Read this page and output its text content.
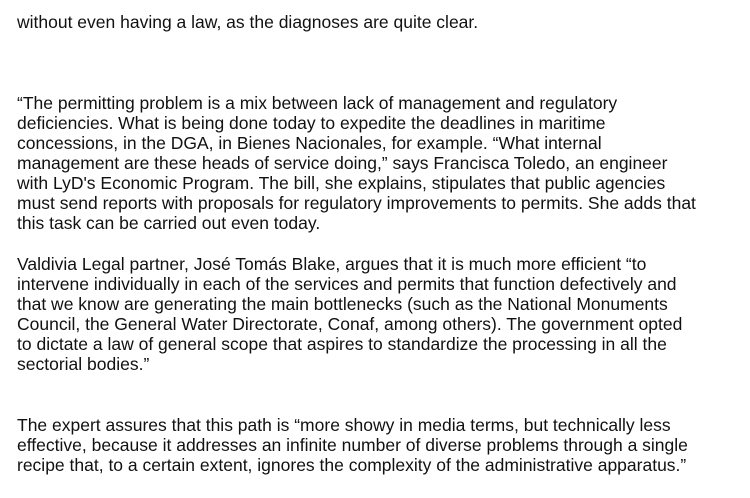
without even having a law, as the diagnoses are quite clear.

“The permitting problem is a mix between lack of management and regulatory
deficiencies. What is being done today to expedite the deadlines in maritime
concessions, in the DGA, in Bienes Nacionales, for example. “What internal
management are these heads of service doing,” says Francisca Toledo, an engineer
with LyD's Economic Program. The bill, she explains, stipulates that public agencies
must send reports with proposals for regulatory improvements to permits. She adds that
this task can be carried out even today.

Valdivia Legal partner, José Tomás Blake, argues that it is much more efficient “to
intervene individually in each of the services and permits that function defectively and
that we know are generating the main bottlenecks (such as the National Monuments
Council, the General Water Directorate, Conaf, among others). The government opted
to dictate a law of general scope that aspires to standardize the processing in all the
sectorial bodies.”

The expert assures that this path is “more showy in media terms, but technically less
effective, because it addresses an infinite number of diverse problems through a single
recipe that, to a certain extent, ignores the complexity of the administrative apparatus.”
